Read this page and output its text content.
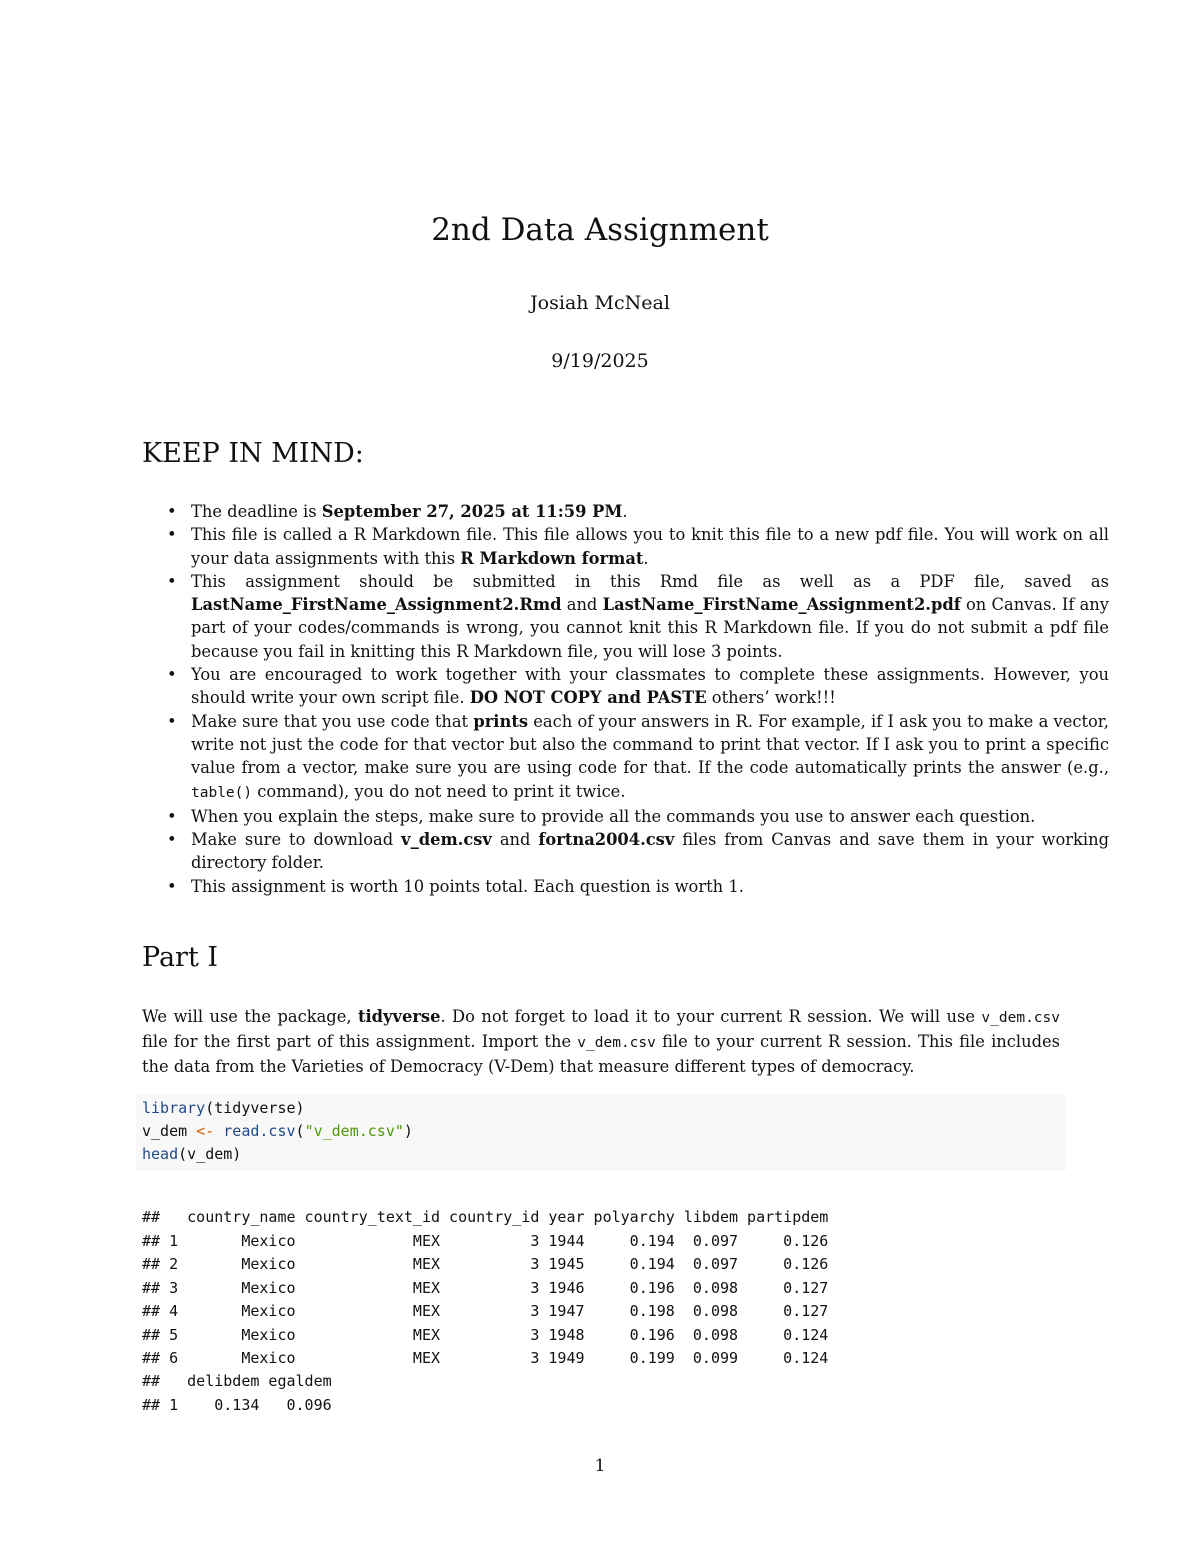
2nd Data Assignment
Josiah McNeal
9/19/2025
KEEP IN MIND:
• The deadline is September 27, 2025 at 11:59 PM.
• This file is called a R Markdown file. This file allows you to knit this file to a new pdf file. You will work on all your data assignments with this R Markdown format.
• This assignment should be submitted in this Rmd file as well as a PDF file, saved as LastName_FirstName_Assignment2.Rmd and LastName_FirstName_Assignment2.pdf on Canvas. If any part of your codes/commands is wrong, you cannot knit this R Markdown file. If you do not submit a pdf file because you fail in knitting this R Markdown file, you will lose 3 points.
• You are encouraged to work together with your classmates to complete these assignments. However, you should write your own script file. DO NOT COPY and PASTE others’ work!!!
• Make sure that you use code that prints each of your answers in R. For example, if I ask you to make a vector, write not just the code for that vector but also the command to print that vector. If I ask you to print a specific value from a vector, make sure you are using code for that. If the code automatically prints the answer (e.g., table() command), you do not need to print it twice.
• When you explain the steps, make sure to provide all the commands you use to answer each question.
• Make sure to download v_dem.csv and fortna2004.csv files from Canvas and save them in your working directory folder.
• This assignment is worth 10 points total. Each question is worth 1.
Part I

We will use the package, tidyverse. Do not forget to load it to your current R session. We will use v_dem.csv file for the first part of this assignment. Import the v_dem.csv file to your current R session. This file includes the data from the Varieties of Democracy (V-Dem) that measure different types of democracy.

library(tidyverse)
v_dem <- read.csv("v_dem.csv")
head(v_dem)
##   country_name country_text_id country_id year polyarchy libdem partipdem
## 1       Mexico             MEX          3 1944     0.194  0.097     0.126
## 2       Mexico             MEX          3 1945     0.194  0.097     0.126
## 3       Mexico             MEX          3 1946     0.196  0.098     0.127
## 4       Mexico             MEX          3 1947     0.198  0.098     0.127
## 5       Mexico             MEX          3 1948     0.196  0.098     0.124
## 6       Mexico             MEX          3 1949     0.199  0.099     0.124
##   delibdem egaldem
## 1    0.134   0.096
1
